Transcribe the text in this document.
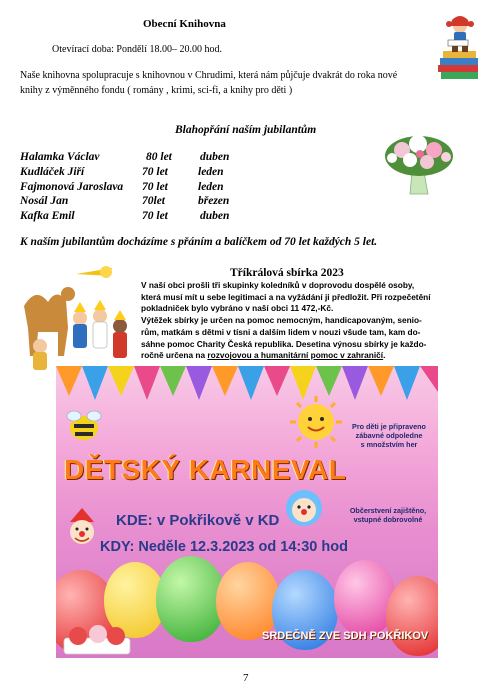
Obecní Knihovna
Otevírací doba: Pondělí 18.00– 20.00 hod.
Naše knihovna spolupracuje s knihovnou v Chrudimi, která nám půjčuje dvakrát do roka nové
knihy z výměnného fondu ( romány , krimi, sci-fi, a knihy pro děti )
Blahopřání naším jubilantům
Halamka Václav
Kudláček Jiří
Fajmonová Jaroslava
Nosál Jan
Kafka Emil
80 let
70 let
70 let
70let
70 let
duben
leden
leden
březen
duben
K naším jubilantům docházíme s přáním a balíčkem od 70 let každých 5 let.
Tříkrálová sbírka 2023
V naší obci prošli tři skupinky koledníků v doprovodu dospělé osoby,
která musí mít u sebe legitimaci a na vyžádání ji předložit. Při rozpečetění
pokladniček bylo vybráno v naší obci 11 472,-Kč.
Výtěžek sbírky je určen na pomoc nemocným, handicapovaným, senio-
rům, matkám s dětmi v tísni a dalším lidem v nouzi všude tam, kam do-
sáhne pomoc Charity Česká republika. Desetina výnosu sbírky je každo-
ročně určena na rozvojovou a humanitární pomoc v zahraničí.
Pro děti je připraveno
zábavné odpoledne
s množstvím her
DĚTSKÝ KARNEVAL
Občerstvení zajištěno,
vstupné dobrovolné
KDE: v Pokřikově v KD
KDY: Neděle 12.3.2023 od 14:30 hod
SRDEČNĚ ZVE SDH POKŘIKOV
7
